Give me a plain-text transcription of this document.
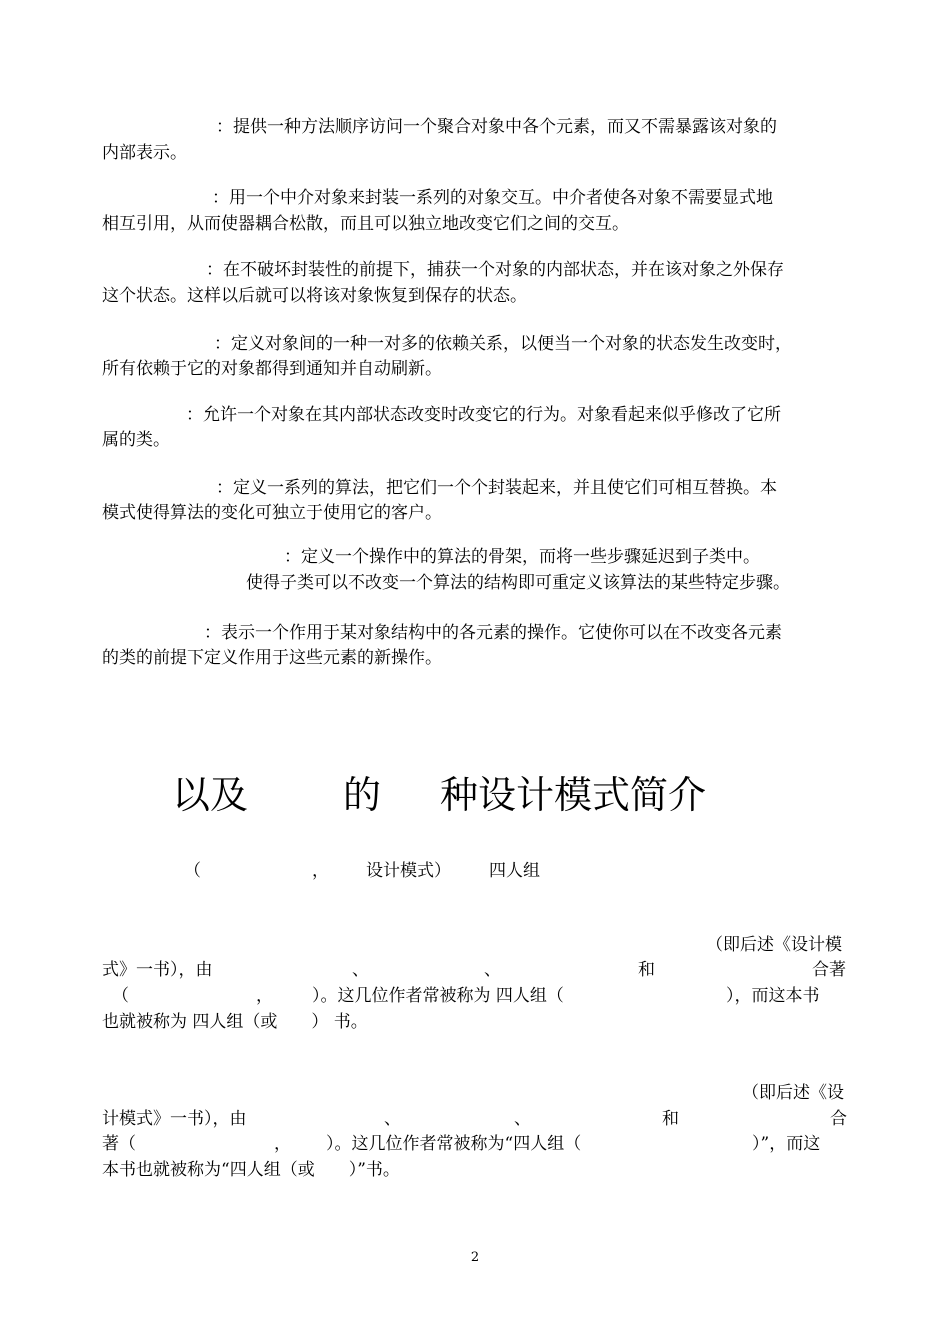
：提供一种方法顺序访问一个聚合对象中各个元素，而又不需暴露该对象的
内部表示。
：用一个中介对象来封装一系列的对象交互。中介者使各对象不需要显式地
相互引用，从而使器耦合松散，而且可以独立地改变它们之间的交互。
：在不破坏封装性的前提下，捕获一个对象的内部状态，并在该对象之外保存
这个状态。这样以后就可以将该对象恢复到保存的状态。
：定义对象间的一种一对多的依赖关系，以便当一个对象的状态发生改变时，
所有依赖于它的对象都得到通知并自动刷新。
：允许一个对象在其内部状态改变时改变它的行为。对象看起来似乎修改了它所
属的类。
：定义一系列的算法，把它们一个个封装起来，并且使它们可相互替换。本
模式使得算法的变化可独立于使用它的客户。
：定义一个操作中的算法的骨架，而将一些步骤延迟到子类中。
使得子类可以不改变一个算法的结构即可重定义该算法的某些特定步骤。
：表示一个作用于某对象结构中的各元素的操作。它使你可以在不改变各元素
的类的前提下定义作用于这些元素的新操作。
以及 的 种设计模式简介
（	， 设计模式） 四人组
（即后述《设计模
式》一书），由	、	、	和	合著
（	， ）。这几位作者常被称为 四人组（	），而这本书
也就被称为 四人组（或　　） 书。
（即后述《设
计模式》一书），由	、	、	和	合
著（	， ）。这几位作者常被称为“四人组（	）”，而这
本书也就被称为“四人组（或　　）”书。
2
